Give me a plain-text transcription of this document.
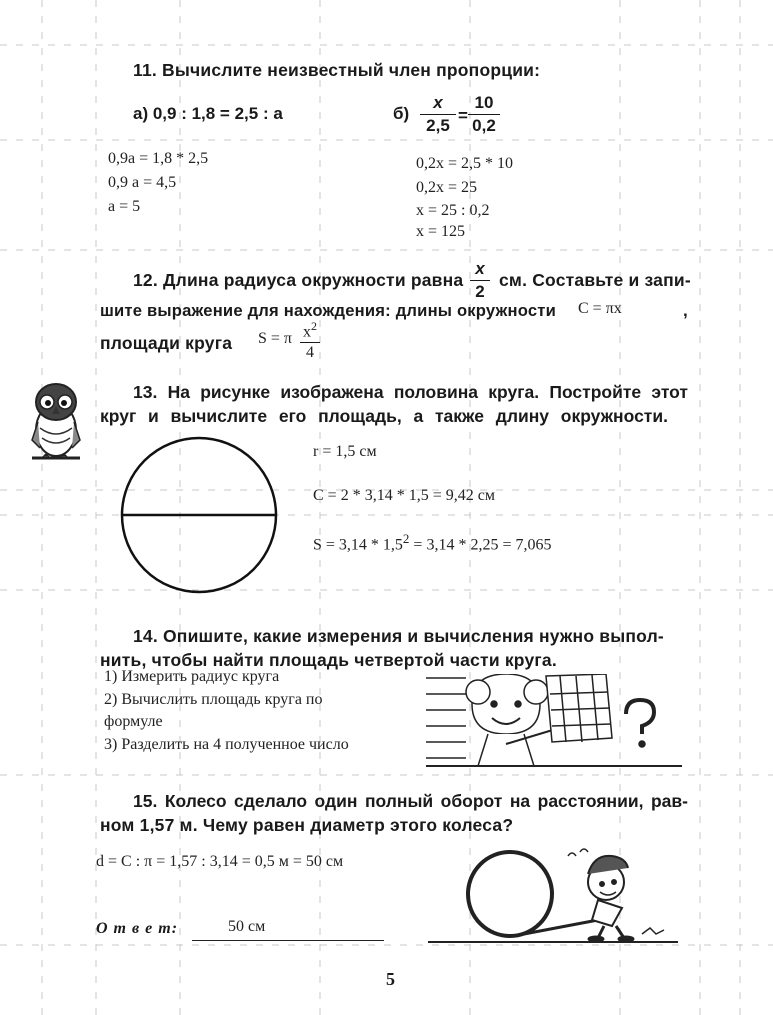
11. Вычислите неизвестный член пропорции:
а) 0,9 : 1,8 = 2,5 : a	б)
x
2,5
=
10
0,2
0,9a = 1,8 * 2,5
0,9 a = 4,5
a = 5
0,2x = 2,5 * 10
0,2x = 25
x = 25 : 0,2
x = 125
12. Длина радиуса окружности равна
x
2
см. Составьте и запи-
шите выражение для нахождения: длины окружности C = πx	,
площади круга S = π $x^2$
4
13. На рисунке изображена половина круга. Постройте этот
круг и вычислите его площадь, а также длину окружности.
r = 1,5 см
C = 2 * 3,14 * 1,5 = 9,42 см
$S = 3,14 * 1,5^2 = 3,14 * 2,25 = 7,065$
14. Опишите, какие измерения и вычисления нужно выпол-
нить, чтобы найти площадь четвертой части круга.
1) Измерить радиус круга
2) Вычислить площадь круга по
формуле
3) Разделить на 4 полученное число
15. Колесо сделало один полный оборот на расстоянии, рав-
ном 1,57 м. Чему равен диаметр этого колеса?
d = C : π = 1,57 : 3,14 = 0,5 м = 50 см
О т в е т:	50 см
5
